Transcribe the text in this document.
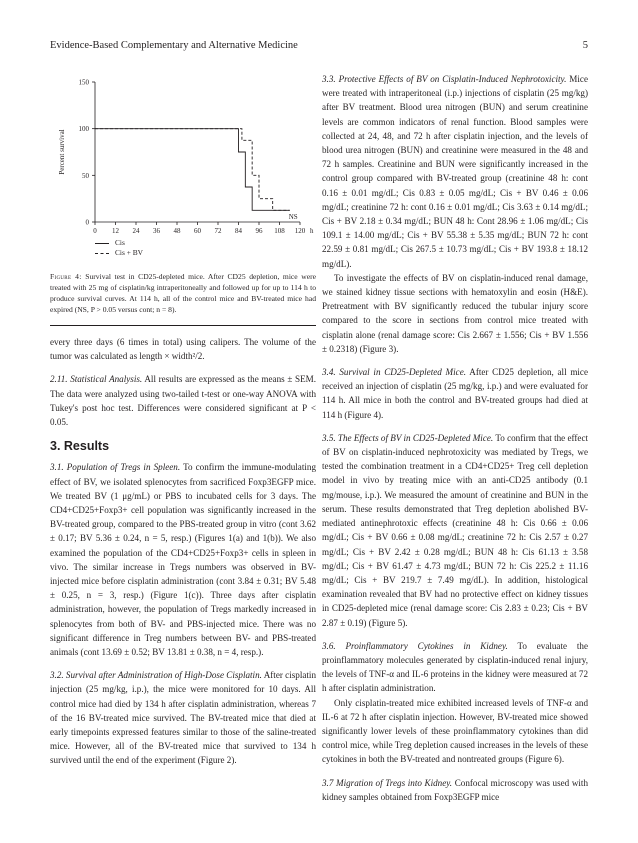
Evidence-Based Complementary and Alternative Medicine	5
0
50
100
150
0 12 24 36 48 60 72 84 96 108 120
Percent survival
h
NS
Cis
Cis + BV

Figure 4: Survival test in CD25-depleted mice. After CD25 depletion, mice were treated with 25 mg of cisplatin/kg intraperitoneally and followed up for up to 114 h to produce survival curves. At 114 h, all of the control mice and BV-treated mice had expired (NS, P > 0.05 versus cont; n = 8).

every three days (6 times in total) using calipers. The volume of the tumor was calculated as length × width²/2.

2.11. Statistical Analysis. All results are expressed as the means ± SEM. The data were analyzed using two-tailed t-test or one-way ANOVA with Tukey's post hoc test. Differences were considered significant at P < 0.05.

3. Results

3.1. Population of Tregs in Spleen. To confirm the immune-modulating effect of BV, we isolated splenocytes from sacrificed Foxp3EGFP mice. We treated BV (1 μg/mL) or PBS to incubated cells for 3 days. The CD4+CD25+Foxp3+ cell population was significantly increased in the BV-treated group, compared to the PBS-treated group in vitro (cont 3.62 ± 0.17; BV 5.36 ± 0.24, n = 5, resp.) (Figures 1(a) and 1(b)). We also examined the population of the CD4+CD25+Foxp3+ cells in spleen in vivo. The similar increase in Tregs numbers was observed in BV-injected mice before cisplatin administration (cont 3.84 ± 0.31; BV 5.48 ± 0.25, n = 3, resp.) (Figure 1(c)). Three days after cisplatin administration, however, the population of Tregs markedly increased in splenocytes from both of BV- and PBS-injected mice. There was no significant difference in Treg numbers between BV- and PBS-treated animals (cont 13.69 ± 0.52; BV 13.81 ± 0.38, n = 4, resp.).

3.2. Survival after Administration of High-Dose Cisplatin. After cisplatin injection (25 mg/kg, i.p.), the mice were monitored for 10 days. All control mice had died by 134 h after cisplatin administration, whereas 7 of the 16 BV-treated mice survived. The BV-treated mice that died at early timepoints expressed features similar to those of the saline-treated mice. However, all of the BV-treated mice that survived to 134 h survived until the end of the experiment (Figure 2).

3.3. Protective Effects of BV on Cisplatin-Induced Nephrotoxicity. Mice were treated with intraperitoneal (i.p.) injections of cisplatin (25 mg/kg) after BV treatment. Blood urea nitrogen (BUN) and serum creatinine levels are common indicators of renal function. Blood samples were collected at 24, 48, and 72 h after cisplatin injection, and the levels of blood urea nitrogen (BUN) and creatinine were measured in the 48 and 72 h samples. Creatinine and BUN were significantly increased in the control group compared with BV-treated group (creatinine 48 h: cont 0.16 ± 0.01 mg/dL; Cis 0.83 ± 0.05 mg/dL; Cis + BV 0.46 ± 0.06 mg/dL; creatinine 72 h: cont 0.16 ± 0.01 mg/dL; Cis 3.63 ± 0.14 mg/dL; Cis + BV 2.18 ± 0.34 mg/dL; BUN 48 h: Cont 28.96 ± 1.06 mg/dL; Cis 109.1 ± 14.00 mg/dL; Cis + BV 55.38 ± 5.35 mg/dL; BUN 72 h: cont 22.59 ± 0.81 mg/dL; Cis 267.5 ± 10.73 mg/dL; Cis + BV 193.8 ± 18.12 mg/dL).

To investigate the effects of BV on cisplatin-induced renal damage, we stained kidney tissue sections with hematoxylin and eosin (H&E). Pretreatment with BV significantly reduced the tubular injury score compared to the score in sections from control mice treated with cisplatin alone (renal damage score: Cis 2.667 ± 1.556; Cis + BV 1.556 ± 0.2318) (Figure 3).

3.4. Survival in CD25-Depleted Mice. After CD25 depletion, all mice received an injection of cisplatin (25 mg/kg, i.p.) and were evaluated for 114 h. All mice in both the control and BV-treated groups had died at 114 h (Figure 4).

3.5. The Effects of BV in CD25-Depleted Mice. To confirm that the effect of BV on cisplatin-induced nephrotoxicity was mediated by Tregs, we tested the combination treatment in a CD4+CD25+ Treg cell depletion model in vivo by treating mice with an anti-CD25 antibody (0.1 mg/mouse, i.p.). We measured the amount of creatinine and BUN in the serum. These results demonstrated that Treg depletion abolished BV-mediated antinephrotoxic effects (creatinine 48 h: Cis 0.66 ± 0.06 mg/dL; Cis + BV 0.66 ± 0.08 mg/dL; creatinine 72 h: Cis 2.57 ± 0.27 mg/dL; Cis + BV 2.42 ± 0.28 mg/dL; BUN 48 h: Cis 61.13 ± 3.58 mg/dL; Cis + BV 61.47 ± 4.73 mg/dL; BUN 72 h: Cis 225.2 ± 11.16 mg/dL; Cis + BV 219.7 ± 7.49 mg/dL). In addition, histological examination revealed that BV had no protective effect on kidney tissues in CD25-depleted mice (renal damage score: Cis 2.83 ± 0.23; Cis + BV 2.87 ± 0.19) (Figure 5).

3.6. Proinflammatory Cytokines in Kidney. To evaluate the proinflammatory molecules generated by cisplatin-induced renal injury, the levels of TNF-α and IL-6 proteins in the kidney were measured at 72 h after cisplatin administration.

Only cisplatin-treated mice exhibited increased levels of TNF-α and IL-6 at 72 h after cisplatin injection. However, BV-treated mice showed significantly lower levels of these proinflammatory cytokines than did control mice, while Treg depletion caused increases in the levels of these cytokines in both the BV-treated and nontreated groups (Figure 6).

3.7 Migration of Tregs into Kidney. Confocal microscopy was used with kidney samples obtained from Foxp3EGFP mice
